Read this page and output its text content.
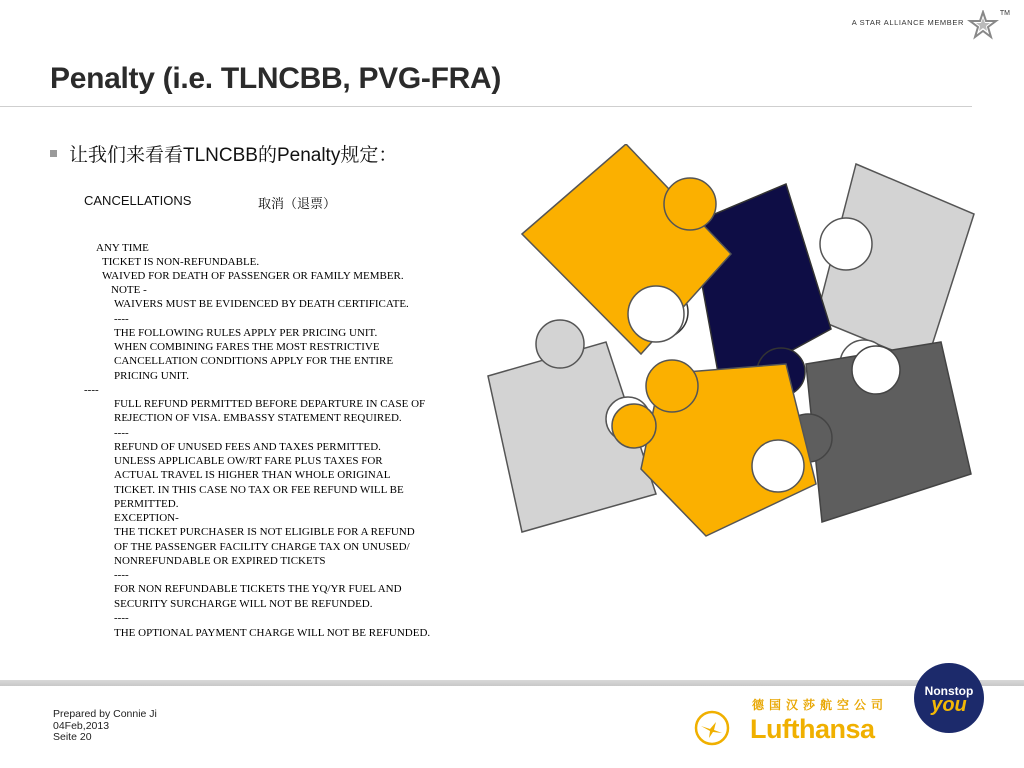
A STAR ALLIANCE MEMBER
TM
Penalty (i.e. TLNCBB, PVG-FRA)
让我们来看看TLNCBB的Penalty规定：
CANCELLATIONS	取消（退票）
ANY TIME
TICKET IS NON-REFUNDABLE.
WAIVED FOR DEATH OF PASSENGER OR FAMILY MEMBER.
NOTE -
WAIVERS MUST BE EVIDENCED BY DEATH CERTIFICATE.
----
THE FOLLOWING RULES APPLY PER PRICING UNIT.
WHEN COMBINING FARES THE MOST RESTRICTIVE
CANCELLATION CONDITIONS APPLY FOR THE ENTIRE
PRICING UNIT.
----
FULL REFUND PERMITTED BEFORE DEPARTURE IN CASE OF
REJECTION OF VISA. EMBASSY STATEMENT REQUIRED.
----
REFUND OF UNUSED FEES AND TAXES PERMITTED.
UNLESS APPLICABLE OW/RT FARE PLUS TAXES FOR
ACTUAL TRAVEL IS HIGHER THAN WHOLE ORIGINAL
TICKET. IN THIS CASE NO TAX OR FEE REFUND WILL BE
PERMITTED.
EXCEPTION-
THE TICKET PURCHASER IS NOT ELIGIBLE FOR A REFUND
OF THE PASSENGER FACILITY CHARGE TAX ON UNUSED/
NONREFUNDABLE OR EXPIRED TICKETS
----
FOR NON REFUNDABLE TICKETS THE YQ/YR FUEL AND
SECURITY SURCHARGE WILL NOT BE REFUNDED.
----
THE OPTIONAL PAYMENT CHARGE WILL NOT BE REFUNDED.
Prepared by Connie Ji
04Feb,2013
Seite 20
德国汉莎航空公司
Lufthansa
Nonstop
you
